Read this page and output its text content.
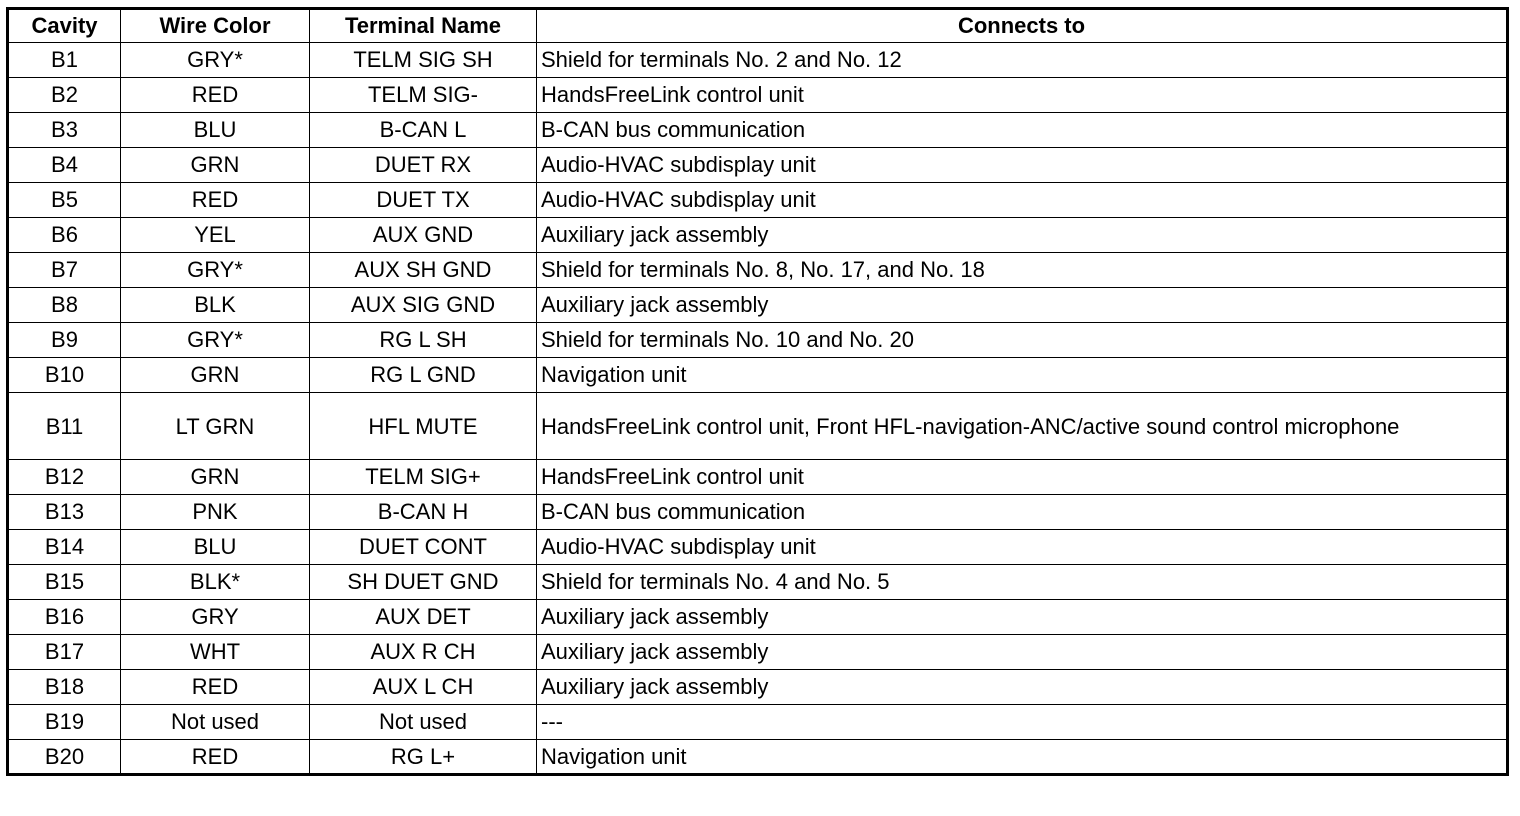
Cavity	Wire Color	Terminal Name	Connects to
B1	GRY*	TELM SIG SH	Shield for terminals No. 2 and No. 12
B2	RED	TELM SIG-	HandsFreeLink control unit
B3	BLU	B-CAN L	B-CAN bus communication
B4	GRN	DUET RX	Audio-HVAC subdisplay unit
B5	RED	DUET TX	Audio-HVAC subdisplay unit
B6	YEL	AUX GND	Auxiliary jack assembly
B7	GRY*	AUX SH GND	Shield for terminals No. 8, No. 17, and No. 18
B8	BLK	AUX SIG GND	Auxiliary jack assembly
B9	GRY*	RG L SH	Shield for terminals No. 10 and No. 20
B10	GRN	RG L GND	Navigation unit
B11	LT GRN	HFL MUTE	HandsFreeLink control unit, Front HFL-navigation-ANC/active sound control microphone
B12	GRN	TELM SIG+	HandsFreeLink control unit
B13	PNK	B-CAN H	B-CAN bus communication
B14	BLU	DUET CONT	Audio-HVAC subdisplay unit
B15	BLK*	SH DUET GND	Shield for terminals No. 4 and No. 5
B16	GRY	AUX DET	Auxiliary jack assembly
B17	WHT	AUX R CH	Auxiliary jack assembly
B18	RED	AUX L CH	Auxiliary jack assembly
B19	Not used	Not used	---
B20	RED	RG L+	Navigation unit
